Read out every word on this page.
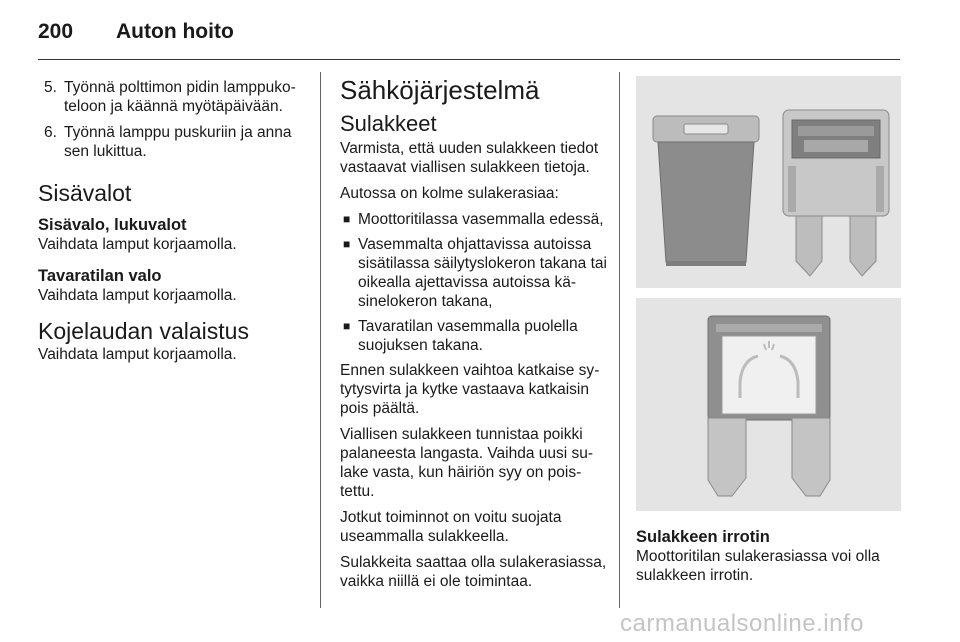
200 Auton hoito
5. Työnnä polttimon pidin lamppukoteloon ja käännä myötäpäivään.
6. Työnnä lamppu puskuriin ja anna sen lukittua.
Sisävalot
Sisävalo, lukuvalot

Vaihdata lamput korjaamolla.

Tavaratilan valo

Vaihdata lamput korjaamolla.

Kojelaudan valaistus

Vaihdata lamput korjaamolla.

Sähköjärjestelmä
Sulakkeet

Varmista, että uuden sulakkeen tiedot vastaavat viallisen sulakkeen tietoja.

Autossa on kolme sulakerasiaa:

■ Moottoritilassa vasemmalla edessä,
■ Vasemmalta ohjattavissa autoissa sisätilassa säilytyslokeron takana tai oikealla ajettavissa autoissa käsinelokeron takana,
■ Tavaratilan vasemmalla puolella suojuksen takana.

Ennen sulakkeen vaihtoa katkaise sytytysvirta ja kytke vastaava katkaisin pois päältä.

Viallisen sulakkeen tunnistaa poikki palaneesta langasta. Vaihda uusi sulake vasta, kun häiriön syy on poistettu.

Jotkut toiminnot on voitu suojata useammalla sulakkeella.

Sulakkeita saattaa olla sulakerasiassa, vaikka niillä ei ole toimintaa.

Sulakkeen irrotin

Moottoritilan sulakerasiassa voi olla sulakkeen irrotin.

carmanualsonline.info
